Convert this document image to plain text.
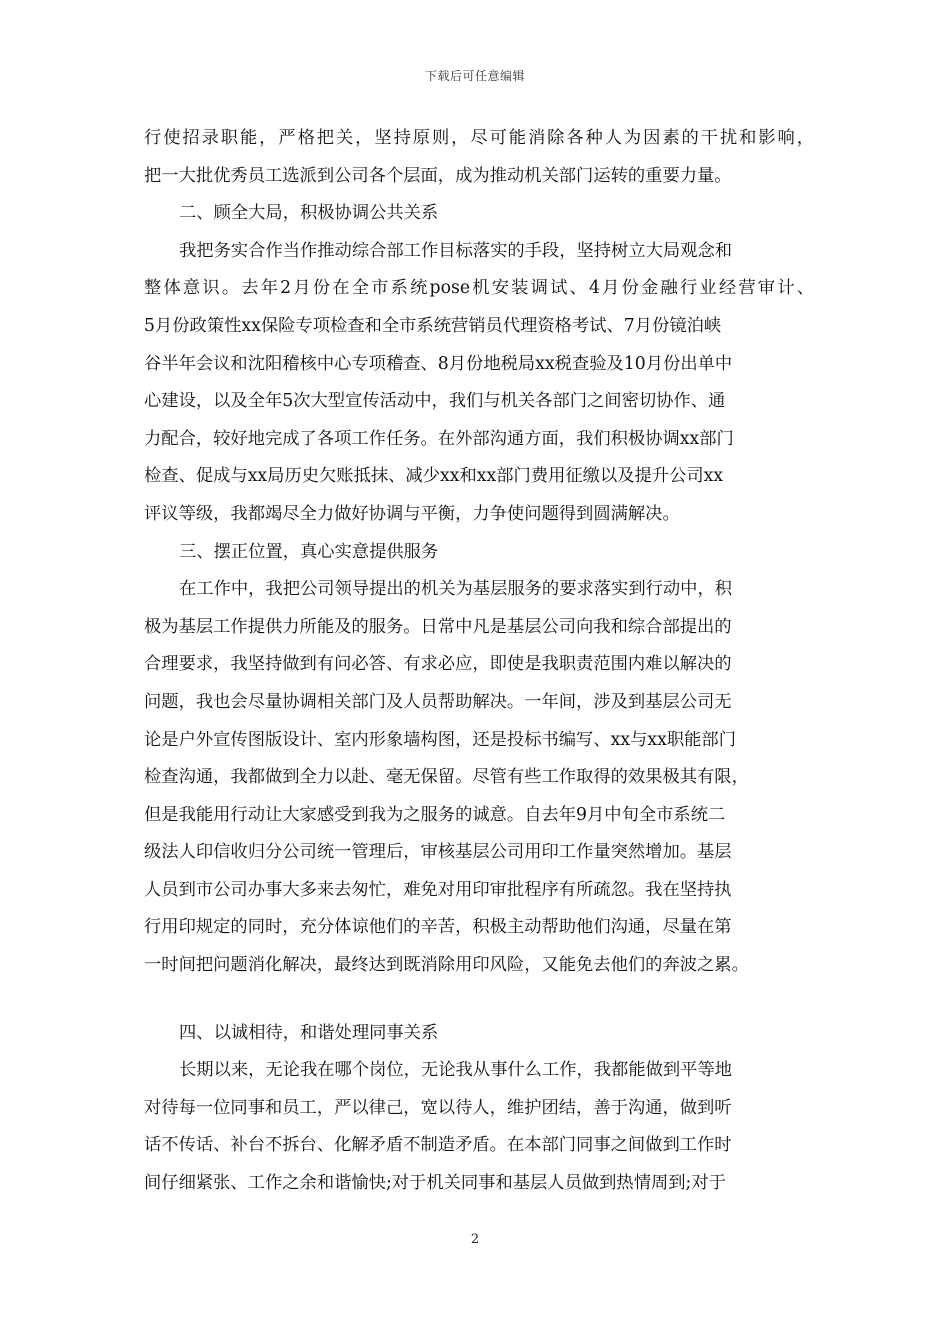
下载后可任意编辑
行使招录职能，严格把关，坚持原则，尽可能消除各种人为因素的干扰和影响，
把一大批优秀员工选派到公司各个层面，成为推动机关部门运转的重要力量。
二、顾全大局，积极协调公共关系
我把务实合作当作推动综合部工作目标落实的手段，坚持树立大局观念和
整体意识。去年2月份在全市系统pose机安装调试、4月份金融行业经营审计、
5月份政策性xx保险专项检查和全市系统营销员代理资格考试、7月份镜泊峡
谷半年会议和沈阳稽核中心专项稽查、8月份地税局xx税查验及10月份出单中
心建设，以及全年5次大型宣传活动中，我们与机关各部门之间密切协作、通
力配合，较好地完成了各项工作任务。在外部沟通方面，我们积极协调xx部门
检查、促成与xx局历史欠账抵抹、减少xx和xx部门费用征缴以及提升公司xx
评议等级，我都竭尽全力做好协调与平衡，力争使问题得到圆满解决。
三、摆正位置，真心实意提供服务
在工作中，我把公司领导提出的机关为基层服务的要求落实到行动中，积
极为基层工作提供力所能及的服务。日常中凡是基层公司向我和综合部提出的
合理要求，我坚持做到有问必答、有求必应，即使是我职责范围内难以解决的
问题，我也会尽量协调相关部门及人员帮助解决。一年间，涉及到基层公司无
论是户外宣传图版设计、室内形象墙构图，还是投标书编写、xx与xx职能部门
检查沟通，我都做到全力以赴、毫无保留。尽管有些工作取得的效果极其有限，
但是我能用行动让大家感受到我为之服务的诚意。自去年9月中旬全市系统二
级法人印信收归分公司统一管理后，审核基层公司用印工作量突然增加。基层
人员到市公司办事大多来去匆忙，难免对用印审批程序有所疏忽。我在坚持执
行用印规定的同时，充分体谅他们的辛苦，积极主动帮助他们沟通，尽量在第
一时间把问题消化解决，最终达到既消除用印风险，又能免去他们的奔波之累。
四、以诚相待，和谐处理同事关系
长期以来，无论我在哪个岗位，无论我从事什么工作，我都能做到平等地
对待每一位同事和员工，严以律己，宽以待人，维护团结，善于沟通，做到听
话不传话、补台不拆台、化解矛盾不制造矛盾。在本部门同事之间做到工作时
间仔细紧张、工作之余和谐愉快;对于机关同事和基层人员做到热情周到;对于
2
